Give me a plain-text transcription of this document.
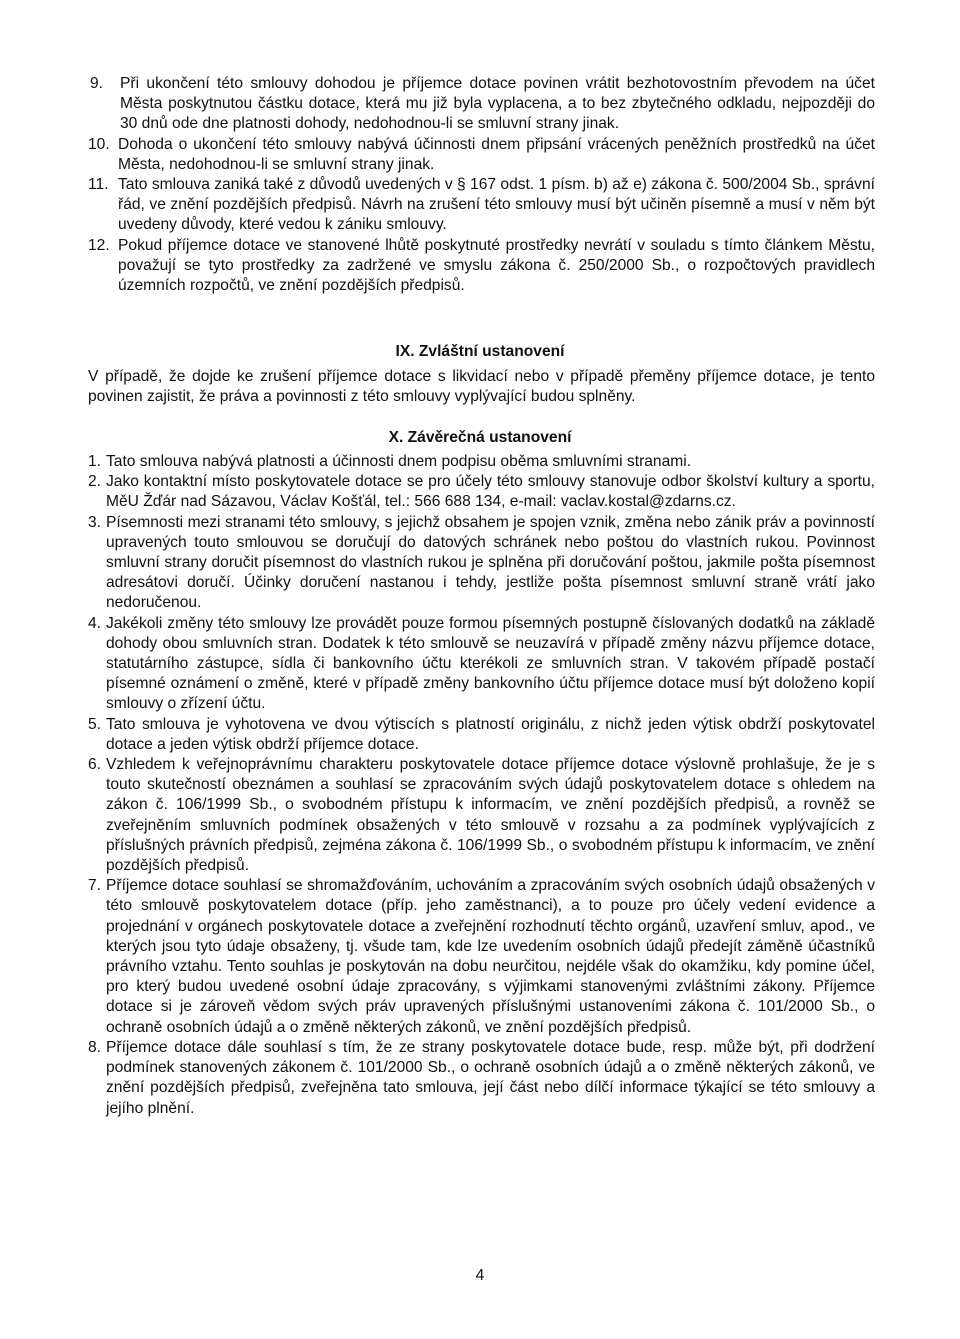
9.	Při ukončení této smlouvy dohodou je příjemce dotace povinen vrátit bezhotovostním převodem na účet Města poskytnutou částku dotace, která mu již byla vyplacena, a to bez zbytečného odkladu, nejpozději do 30 dnů ode dne platnosti dohody, nedohodnou-li se smluvní strany jinak.
10. Dohoda o ukončení této smlouvy nabývá účinnosti dnem připsání vrácených peněžních prostředků na účet Města, nedohodnou-li se smluvní strany jinak.
11. Tato smlouva zaniká také z důvodů uvedených v § 167 odst. 1 písm. b) až e) zákona č. 500/2004 Sb., správní řád, ve znění pozdějších předpisů. Návrh na zrušení této smlouvy musí být učiněn písemně a musí v něm být uvedeny důvody, které vedou k zániku smlouvy.
12. Pokud příjemce dotace ve stanovené lhůtě poskytnuté prostředky nevrátí v souladu s tímto článkem Městu, považují se tyto prostředky za zadržené ve smyslu zákona č. 250/2000 Sb., o rozpočtových pravidlech územních rozpočtů, ve znění pozdějších předpisů.
IX. Zvláštní ustanovení
V případě, že dojde ke zrušení příjemce dotace s likvidací nebo v případě přeměny příjemce dotace, je tento povinen zajistit, že práva a povinnosti z této smlouvy vyplývající budou splněny.
X. Závěrečná ustanovení
1. Tato smlouva nabývá platnosti a účinnosti dnem podpisu oběma smluvními stranami.
2. Jako kontaktní místo poskytovatele dotace se pro účely této smlouvy stanovuje odbor školství kultury a sportu, MěU Žďár nad Sázavou, Václav Košťál, tel.: 566 688 134, e-mail: vaclav.kostal@zdarns.cz.
3. Písemnosti mezi stranami této smlouvy, s jejichž obsahem je spojen vznik, změna nebo zánik práv a povinností upravených touto smlouvou se doručují do datových schránek nebo poštou do vlastních rukou. Povinnost smluvní strany doručit písemnost do vlastních rukou je splněna při doručování poštou, jakmile pošta písemnost adresátovi doručí. Účinky doručení nastanou i tehdy, jestliže pošta písemnost smluvní straně vrátí jako nedoručenou.
4. Jakékoli změny této smlouvy lze provádět pouze formou písemných postupně číslovaných dodatků na základě dohody obou smluvních stran. Dodatek k této smlouvě se neuzavírá v případě změny názvu příjemce dotace, statutárního zástupce, sídla či bankovního účtu kterékoli ze smluvních stran. V takovém případě postačí písemné oznámení o změně, které v případě změny bankovního účtu příjemce dotace musí být doloženo kopií smlouvy o zřízení účtu.
5. Tato smlouva je vyhotovena ve dvou výtiscích s platností originálu, z nichž jeden výtisk obdrží poskytovatel dotace a jeden výtisk obdrží příjemce dotace.
6. Vzhledem k veřejnoprávnímu charakteru poskytovatele dotace příjemce dotace výslovně prohlašuje, že je s touto skutečností obeznámen a souhlasí se zpracováním svých údajů poskytovatelem dotace s ohledem na zákon č. 106/1999 Sb., o svobodném přístupu k informacím, ve znění pozdějších předpisů, a rovněž se zveřejněním smluvních podmínek obsažených v této smlouvě v rozsahu a za podmínek vyplývajících z příslušných právních předpisů, zejména zákona č. 106/1999 Sb., o svobodném přístupu k informacím, ve znění pozdějších předpisů.
7. Příjemce dotace souhlasí se shromažďováním, uchováním a zpracováním svých osobních údajů obsažených v této smlouvě poskytovatelem dotace (příp. jeho zaměstnanci), a to pouze pro účely vedení evidence a projednání v orgánech poskytovatele dotace a zveřejnění rozhodnutí těchto orgánů, uzavření smluv, apod., ve kterých jsou tyto údaje obsaženy, tj. všude tam, kde lze uvedením osobních údajů předejít záměně účastníků právního vztahu. Tento souhlas je poskytován na dobu neurčitou, nejdéle však do okamžiku, kdy pomine účel, pro který budou uvedené osobní údaje zpracovány, s výjimkami stanovenými zvláštními zákony. Příjemce dotace si je zároveň vědom svých práv upravených příslušnými ustanoveními zákona č. 101/2000 Sb., o ochraně osobních údajů a o změně některých zákonů, ve znění pozdějších předpisů.
8. Příjemce dotace dále souhlasí s tím, že ze strany poskytovatele dotace bude, resp. může být, při dodržení podmínek stanovených zákonem č. 101/2000 Sb., o ochraně osobních údajů a o změně některých zákonů, ve znění pozdějších předpisů, zveřejněna tato smlouva, její část nebo dílčí informace týkající se této smlouvy a jejího plnění.
4
